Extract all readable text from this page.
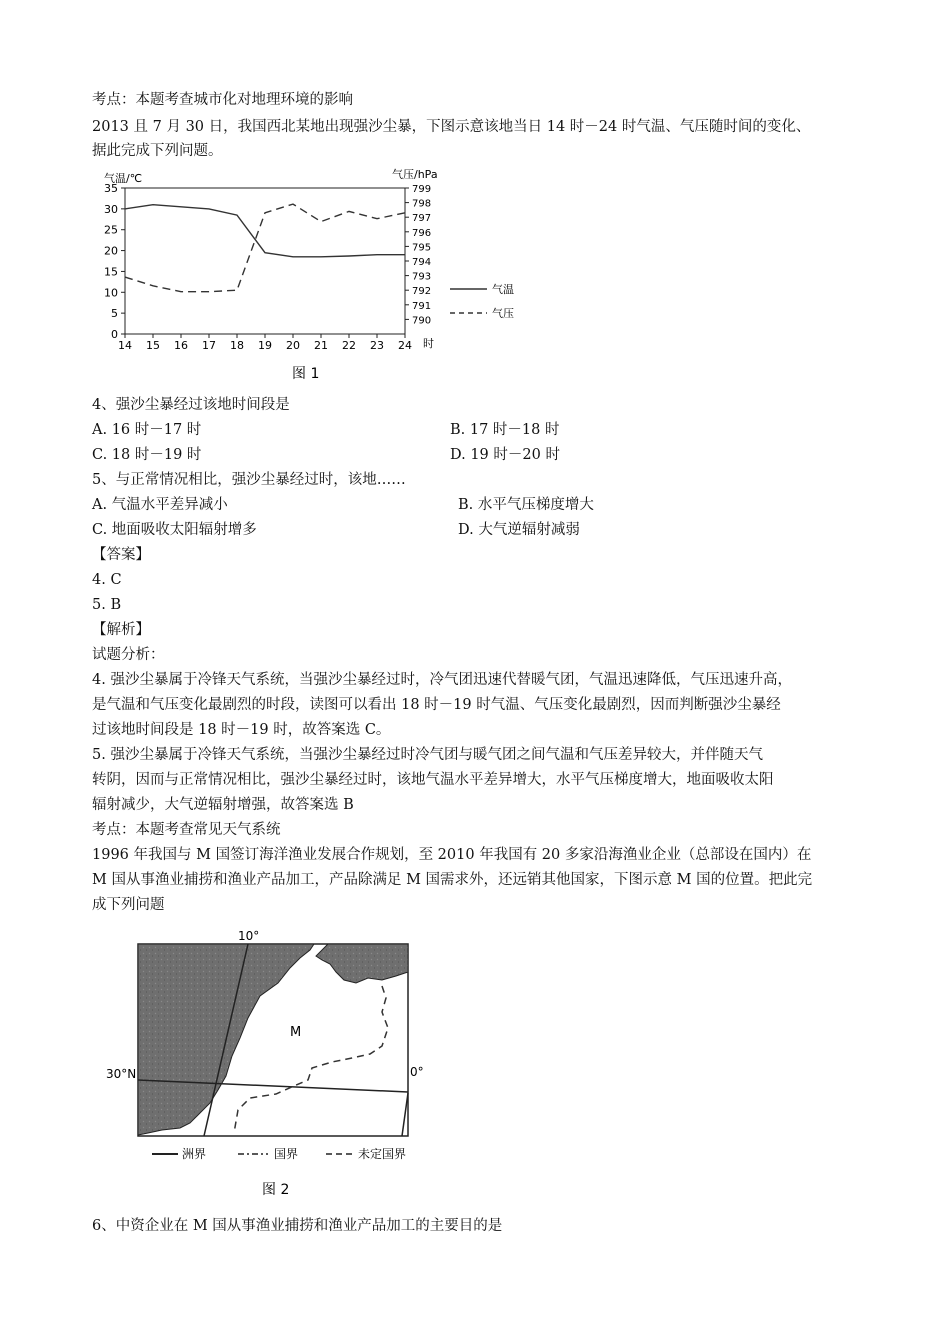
考点：本题考查城市化对地理环境的影响
2013 且 7 月 30 日，我国西北某地出现强沙尘暴，下图示意该地当日 14 时－24 时气温、气压随时间的变化、
据此完成下列问题。
气温/℃	气压/hPa
0
5
10
15
20
25
30
35
790
791
792
793
794
795
796
797
798
799
14 15 16 17 18 19 20 21 22 23 24 时
气温
气压
图 1
4、强沙尘暴经过该地时间段是
A. 16 时－17 时	B. 17 时－18 时
C. 18 时－19 时	D. 19 时－20 时
5、与正常情况相比，强沙尘暴经过时，该地……
A. 气温水平差异减小	B. 水平气压梯度增大
C. 地面吸收太阳辐射增多	D. 大气逆辐射减弱
【答案】
4. C
5. B
【解析】
试题分析：
4. 强沙尘暴属于冷锋天气系统，当强沙尘暴经过时，冷气团迅速代替暖气团，气温迅速降低，气压迅速升高，
是气温和气压变化最剧烈的时段，读图可以看出 18 时－19 时气温、气压变化最剧烈，因而判断强沙尘暴经
过该地时间段是 18 时－19 时，故答案选 C。
5. 强沙尘暴属于冷锋天气系统，当强沙尘暴经过时冷气团与暖气团之间气温和气压差异较大，并伴随天气
转阴，因而与正常情况相比，强沙尘暴经过时，该地气温水平差异增大，水平气压梯度增大，地面吸收太阳
辐射减少，大气逆辐射增强，故答案选 B
考点：本题考查常见天气系统
1996 年我国与 M 国签订海洋渔业发展合作规划，至 2010 年我国有 20 多家沿海渔业企业（总部设在国内）在
M 国从事渔业捕捞和渔业产品加工，产品除满足 M 国需求外，还远销其他国家，下图示意 M 国的位置。把此完
成下列问题
10°
M
30°N	0°
洲界	国界	未定国界
图 2
6、中资企业在 M 国从事渔业捕捞和渔业产品加工的主要目的是
